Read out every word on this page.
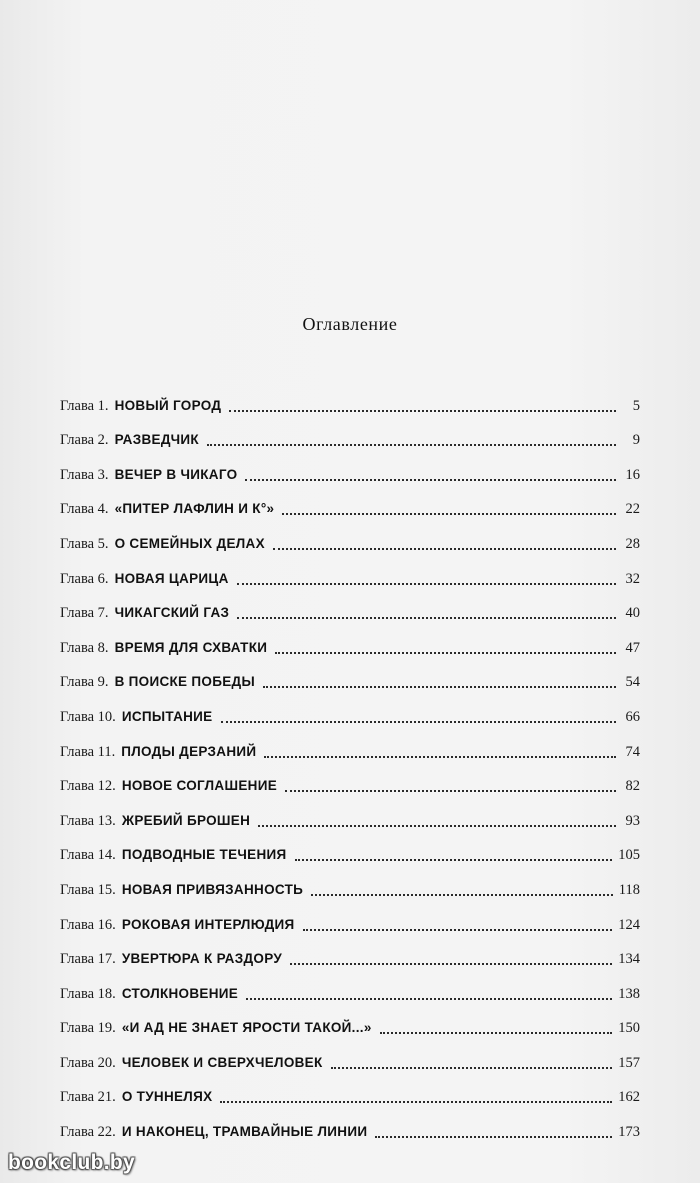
Оглавление
Глава 1. НОВЫЙ ГОРОД	5
Глава 2. РАЗВЕДЧИК	9
Глава 3. ВЕЧЕР В ЧИКАГО	16
Глава 4. «ПИТЕР ЛАФЛИН И К°»	22
Глава 5. О СЕМЕЙНЫХ ДЕЛАХ	28
Глава 6. НОВАЯ ЦАРИЦА	32
Глава 7. ЧИКАГСКИЙ ГАЗ	40
Глава 8. ВРЕМЯ ДЛЯ СХВАТКИ	47
Глава 9. В ПОИСКЕ ПОБЕДЫ	54
Глава 10. ИСПЫТАНИЕ	66
Глава 11. ПЛОДЫ ДЕРЗАНИЙ	74
Глава 12. НОВОЕ СОГЛАШЕНИЕ	82
Глава 13. ЖРЕБИЙ БРОШЕН	93
Глава 14. ПОДВОДНЫЕ ТЕЧЕНИЯ	105
Глава 15. НОВАЯ ПРИВЯЗАННОСТЬ	118
Глава 16. РОКОВАЯ ИНТЕРЛЮДИЯ	124
Глава 17. УВЕРТЮРА К РАЗДОРУ	134
Глава 18. СТОЛКНОВЕНИЕ	138
Глава 19. «И АД НЕ ЗНАЕТ ЯРОСТИ ТАКОЙ...»	150
Глава 20. ЧЕЛОВЕК И СВЕРХЧЕЛОВЕК	157
Глава 21. О ТУННЕЛЯХ	162
Глава 22. И НАКОНЕЦ, ТРАМВАЙНЫЕ ЛИНИИ	173
bookclub.by
